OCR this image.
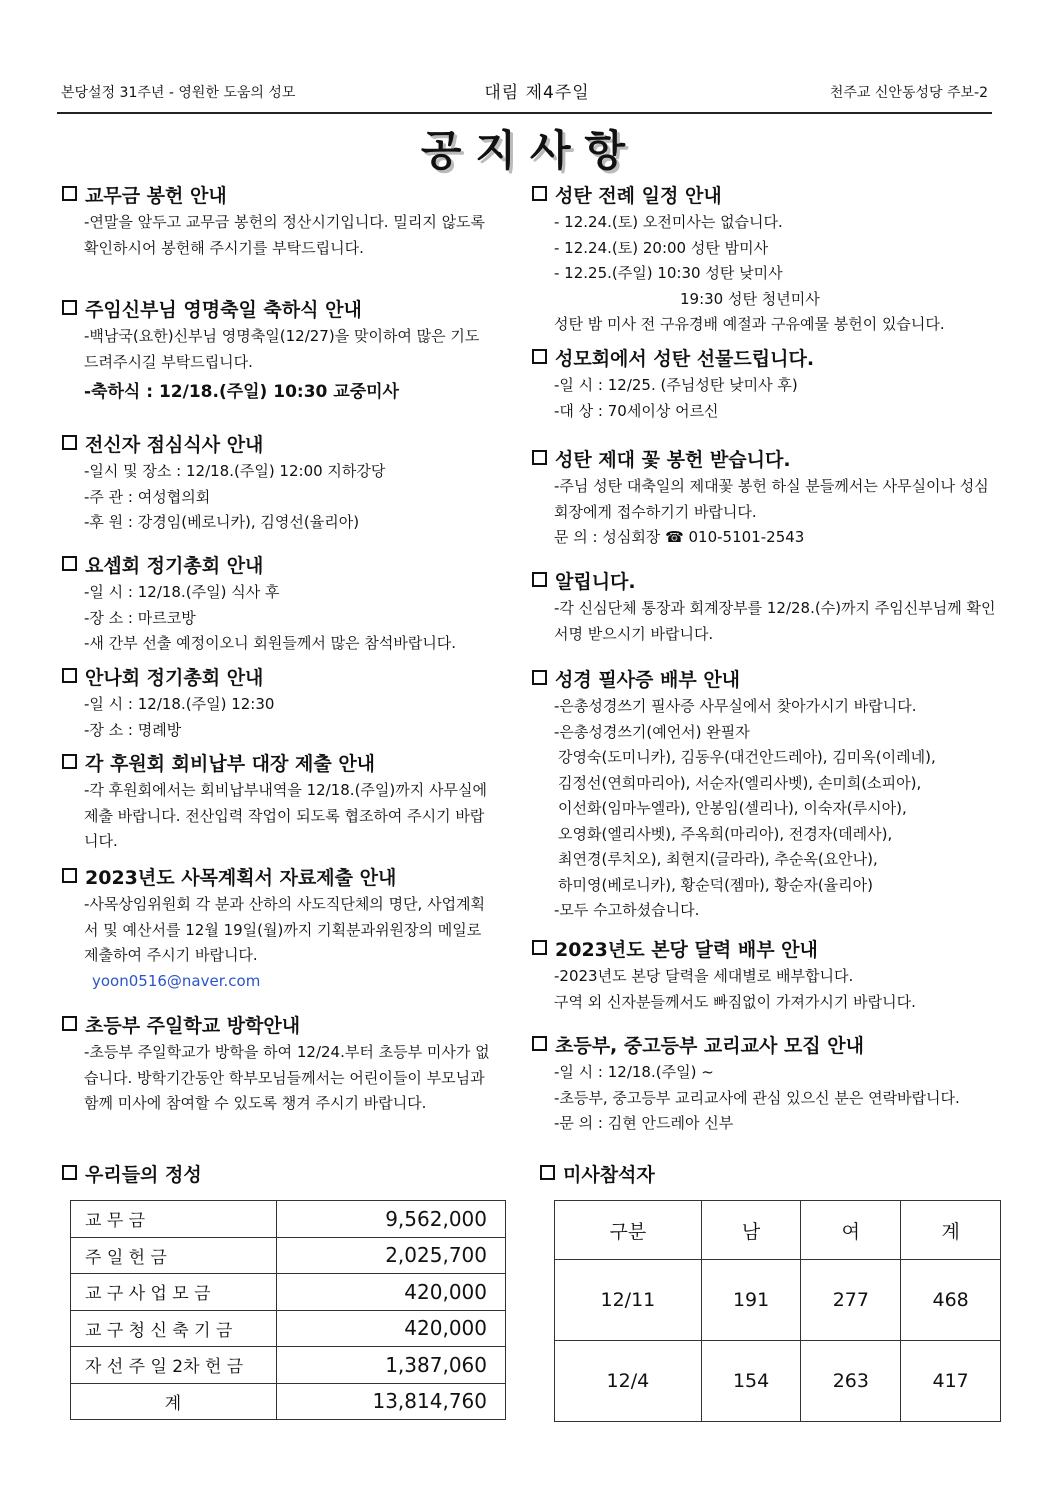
본당설정 31주년 - 영원한 도움의 성모	대림 제4주일	천주교 신안동성당 주보-2
공지사항
교무금 봉헌 안내
-연말을 앞두고 교무금 봉헌의 정산시기입니다. 밀리지 않도록 확인하시어 봉헌해 주시기를 부탁드립니다.
주임신부님 영명축일 축하식 안내
-백남국(요한)신부님 영명축일(12/27)을 맞이하여 많은 기도 드려주시길 부탁드립니다.
-축하식 : 12/18.(주일) 10:30 교중미사
전신자 점심식사 안내
-일시 및 장소 : 12/18.(주일) 12:00 지하강당
-주 관 : 여성협의회
-후 원 : 강경임(베로니카), 김영선(율리아)
요셉회 정기총회 안내
-일 시 : 12/18.(주일) 식사 후
-장 소 : 마르코방
-새 간부 선출 예정이오니 회원들께서 많은 참석바랍니다.
안나회 정기총회 안내
-일 시 : 12/18.(주일) 12:30
-장 소 : 명례방
각 후원회 회비납부 대장 제출 안내
-각 후원회에서는 회비납부내역을 12/18.(주일)까지 사무실에 제출 바랍니다. 전산입력 작업이 되도록 협조하여 주시기 바랍니다.
2023년도 사목계획서 자료제출 안내
-사목상임위원회 각 분과 산하의 사도직단체의 명단, 사업계획서 및 예산서를 12월 19일(월)까지 기획분과위원장의 메일로 제출하여 주시기 바랍니다.
yoon0516@naver.com
초등부 주일학교 방학안내
-초등부 주일학교가 방학을 하여 12/24.부터 초등부 미사가 없습니다. 방학기간동안 학부모님들께서는 어린이들이 부모님과 함께 미사에 참여할 수 있도록 챙겨 주시기 바랍니다.
성탄 전례 일정 안내
- 12.24.(토) 오전미사는 없습니다.
- 12.24.(토) 20:00 성탄 밤미사
- 12.25.(주일) 10:30 성탄 낮미사
19:30 성탄 청년미사
성탄 밤 미사 전 구유경배 예절과 구유예물 봉헌이 있습니다.
성모회에서 성탄 선물드립니다.
-일 시 : 12/25. (주님성탄 낮미사 후)
-대 상 : 70세이상 어르신
성탄 제대 꽃 봉헌 받습니다.
-주님 성탄 대축일의 제대꽃 봉헌 하실 분들께서는 사무실이나 성심회장에게 접수하기기 바랍니다.
문 의 : 성심회장 ☎ 010-5101-2543
알립니다.
-각 신심단체 통장과 회계장부를 12/28.(수)까지 주임신부님께 확인서명 받으시기 바랍니다.
성경 필사증 배부 안내
-은총성경쓰기 필사증 사무실에서 찾아가시기 바랍니다.
-은총성경쓰기(예언서) 완필자
강영숙(도미니카), 김동우(대건안드레아), 김미옥(이레네),
김정선(연희마리아), 서순자(엘리사벳), 손미희(소피아),
이선화(임마누엘라), 안봉임(셀리나), 이숙자(루시아),
오영화(엘리사벳), 주옥희(마리아), 전경자(데레사),
최연경(루치오), 최현지(글라라), 추순옥(요안나),
하미영(베로니카), 황순덕(젬마), 황순자(율리아)
-모두 수고하셨습니다.
2023년도 본당 달력 배부 안내
-2023년도 본당 달력을 세대별로 배부합니다.
구역 외 신자분들께서도 빠짐없이 가져가시기 바랍니다.
초등부, 중고등부 교리교사 모집 안내
-일 시 : 12/18.(주일) ~
-초등부, 중고등부 교리교사에 관심 있으신 분은 연락바랍니다.
-문 의 : 김현 안드레아 신부
우리들의 정성
교 무 금	9,562,000
주 일 헌 금	2,025,700
교 구 사 업 모 금	420,000
교 구 청 신 축 기 금	420,000
자 선 주 일 2차 헌 금	1,387,060
계	13,814,760
미사참석자
구분	남	여	계
12/11	191	277	468
12/4	154	263	417
